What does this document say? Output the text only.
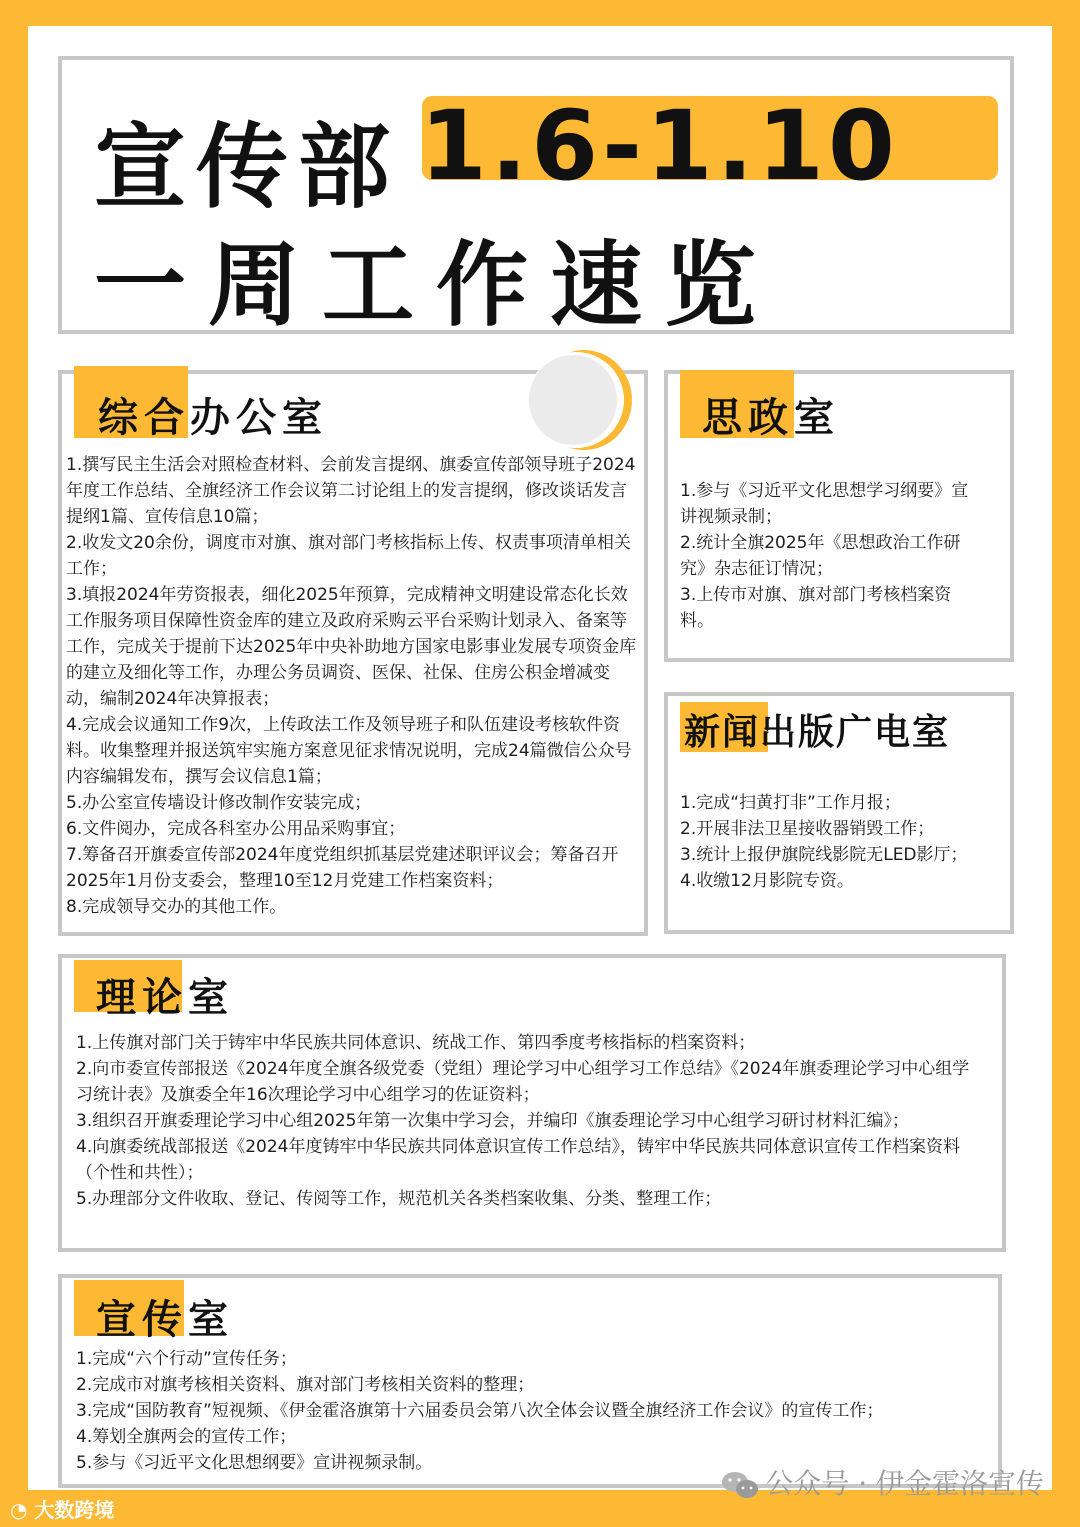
宣传部 1.6-1.10
一周工作速览
综合办公室
1.撰写民主生活会对照检查材料、会前发言提纲、旗委宣传部领导班子2024年度工作总结、全旗经济工作会议第二讨论组上的发言提纲，修改谈话发言提纲1篇、宣传信息10篇；
2.收发文20余份，调度市对旗、旗对部门考核指标上传、权责事项清单相关工作；
3.填报2024年劳资报表，细化2025年预算，完成精神文明建设常态化长效工作服务项目保障性资金库的建立及政府采购云平台采购计划录入、备案等工作，完成关于提前下达2025年中央补助地方国家电影事业发展专项资金库的建立及细化等工作，办理公务员调资、医保、社保、住房公积金增减变动，编制2024年决算报表；
4.完成会议通知工作9次，上传政法工作及领导班子和队伍建设考核软件资料。收集整理并报送筑牢实施方案意见征求情况说明，完成24篇微信公众号内容编辑发布，撰写会议信息1篇；
5.办公室宣传墙设计修改制作安装完成；
6.文件阅办，完成各科室办公用品采购事宜；
7.筹备召开旗委宣传部2024年度党组织抓基层党建述职评议会；筹备召开2025年1月份支委会，整理10至12月党建工作档案资料；
8.完成领导交办的其他工作。
思政室
1.参与《习近平文化思想学习纲要》宣讲视频录制；
2.统计全旗2025年《思想政治工作研究》杂志征订情况；
3.上传市对旗、旗对部门考核档案资料。
新闻出版广电室
1.完成“扫黄打非”工作月报；
2.开展非法卫星接收器销毁工作；
3.统计上报伊旗院线影院无LED影厅；
4.收缴12月影院专资。
理论室
1.上传旗对部门关于铸牢中华民族共同体意识、统战工作、第四季度考核指标的档案资料；
2.向市委宣传部报送《2024年度全旗各级党委（党组）理论学习中心组学习工作总结》《2024年旗委理论学习中心组学习统计表》及旗委全年16次理论学习中心组学习的佐证资料；
3.组织召开旗委理论学习中心组2025年第一次集中学习会，并编印《旗委理论学习中心组学习研讨材料汇编》；
4.向旗委统战部报送《2024年度铸牢中华民族共同体意识宣传工作总结》，铸牢中华民族共同体意识宣传工作档案资料（个性和共性）；
5.办理部分文件收取、登记、传阅等工作，规范机关各类档案收集、分类、整理工作；
宣传室
1.完成“六个行动”宣传任务；
2.完成市对旗考核相关资料、旗对部门考核相关资料的整理；
3.完成“国防教育”短视频、《伊金霍洛旗第十六届委员会第八次全体会议暨全旗经济工作会议》的宣传工作；
4.筹划全旗两会的宣传工作；
5.参与《习近平文化思想纲要》宣讲视频录制。
公众号 · 伊金霍洛宣传
◔ 大数跨境
